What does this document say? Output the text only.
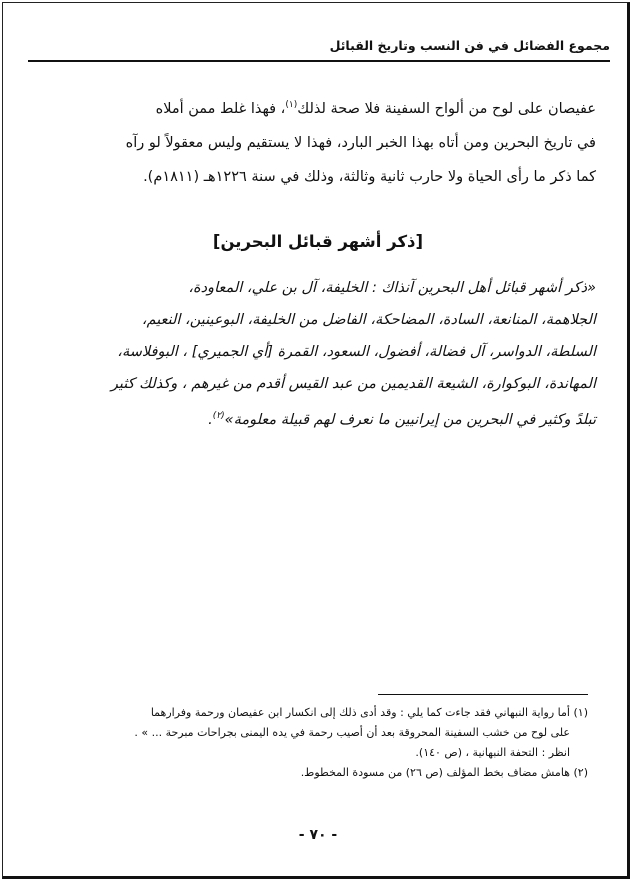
مجموع الفضائل في فن النسب وتاريخ القبائل
عفيصان على لوح من ألواح السفينة فلا صحة لذلك$^{(١)}$، فهذا غلط ممن أملاه
في تاريخ البحرين ومن أتاه بهذا الخبر البارد، فهذا لا يستقيم وليس معقولاً لو رآه
كما ذكر ما رأى الحياة ولا حارب ثانية وثالثة، وذلك في سنة ١٢٢٦هـ (١٨١١م).
[ذكر أشهر قبائل البحرين]
«ذكر أشهر قبائل أهل البحرين آنذاك : الخليفة، آل بن علي، المعاودة،
الجلاهمة، المنانعة، السادة، المضاحكة، الفاضل من الخليفة، البوعينين، النعيم،
السلطة، الدواسر، آل فضالة، أفضول، السعود، القمرة [أي الجميري] ، البوفلاسة،
المهاندة، البوكوارة، الشيعة القديمين من عبد القيس أقدم من غيرهم ، وكذلك كثير
تبلدً وكثير في البحرين من إيرانيين ما نعرف لهم قبيلة معلومة»$^{(٢)}$.
(١) أما رواية النبهاني فقد جاءت كما يلي : وقد أدى ذلك إلى انكسار ابن عفيصان ورحمة وفرارهما
على لوح من خشب السفينة المحروقة بعد أن أصيب رحمة في يده اليمنى بجراحات مبرحة ... » .
انظر : التحفة النبهانية ، (ص ١٤٠).
(٢) هامش مضاف بخط المؤلف (ص ٢٦) من مسودة المخطوط.
- ٧٠ -
